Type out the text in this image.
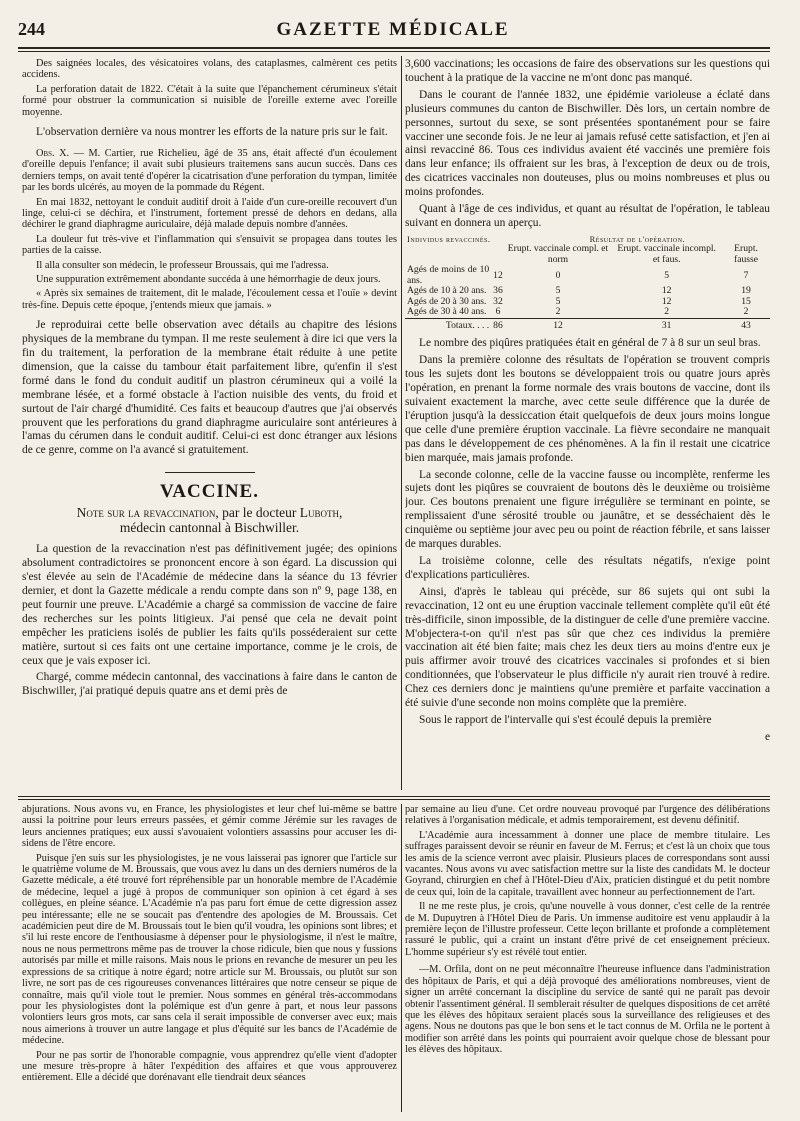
244	GAZETTE MÉDICALE

Des saignées locales, des vésicatoires volans, des cataplasmes, calmèrent ces petits accidens.

La perforation datait de 1822. C'était à la suite que l'épanchement cérumineux s'était formé pour obstruer la communication si nuisible de l'oreille externe avec l'oreille moyenne.

L'observation dernière va nous montrer les efforts de la nature pris sur le fait.

Obs. X. — M. Cartier, rue Richelieu, âgé de 35 ans, était affecté d'un écoulement d'oreille depuis l'enfance; il avait subi plusieurs traitemens sans aucun succès. Dans ces derniers temps, on avait tenté d'opérer la cicatrisation d'une perforation du tympan, limitée par les bords ulcérés, au moyen de la pommade du Régent.

En mai 1832, nettoyant le conduit auditif droit à l'aide d'un cure-oreille recouvert d'un linge, celui-ci se déchira, et l'instrument, fortement pressé de dehors en dedans, alla déchirer le grand diaphragme auriculaire, déjà malade depuis nombre d'années.

La douleur fut très-vive et l'inflammation qui s'ensuivit se propagea dans toutes les parties de la caisse.

Il alla consulter son médecin, le professeur Broussais, qui me l'adressa.

Une suppuration extrêmement abondante succéda à une hémorrhagie de deux jours.

« Après six semaines de traitement, dit le malade, l'écoulement cessa et l'ouïe » devint très-fine. Depuis cette époque, j'entends mieux que jamais. »

Je reproduirai cette belle observation avec détails au chapitre des lésions physiques de la membrane du tympan. Il me reste seulement à dire ici que vers la fin du traitement, la perforation de la membrane était réduite à une petite dimension, que la caisse du tambour était parfaitement libre, qu'enfin il s'est formé dans le fond du conduit auditif un plastron cérumineux qui a voilé la membrane lésée, et a formé obstacle à l'action nuisible des vents, du froid et surtout de l'air chargé d'humidité. Ces faits et beaucoup d'autres que j'ai observés prouvent que les perforations du grand diaphragme auriculaire sont antérieures à l'amas du cérumen dans le conduit auditif. Celui-ci est donc étranger aux lésions de ce genre, comme on l'a avancé si gratuitement.

VACCINE.
Note sur la revaccination, par le docteur Luboth,
médecin cantonnal à Bischwiller.

La question de la revaccination n'est pas définitivement jugée; des opinions absolument contradictoires se prononcent encore à son égard. La discussion qui s'est élevée au sein de l'Académie de médecine dans la séance du 13 février dernier, et dont la Gazette médicale a rendu compte dans son nº 9, page 138, en peut fournir une preuve. L'Académie a chargé sa commission de vaccine de faire des recherches sur les points litigieux. J'ai pensé que cela ne devait point empêcher les praticiens isolés de publier les faits qu'ils posséderaient sur cette matière, surtout si ces faits ont une certaine importance, comme je le crois, de ceux que je vais exposer ici.

Chargé, comme médecin cantonnal, des vaccinations à faire dans le canton de Bischwiller, j'ai pratiqué depuis quatre ans et demi près de

3,600 vaccinations; les occasions de faire des observations sur les questions qui touchent à la pratique de la vaccine ne m'ont donc pas manqué.

Dans le courant de l'année 1832, une épidémie varioleuse a éclaté dans plusieurs communes du canton de Bischwiller. Dès lors, un certain nombre de personnes, surtout du sexe, se sont présentées spontanément pour se faire vacciner une seconde fois. Je ne leur ai jamais refusé cette satisfaction, et j'en ai ainsi revacciné 86. Tous ces individus avaient été vaccinés une première fois dans leur enfance; ils offraient sur les bras, à l'exception de deux ou de trois, des cicatrices vaccinales non douteuses, plus ou moins nombreuses et plus ou moins profondes.

Quant à l'âge de ces individus, et quant au résultat de l'opération, le tableau suivant en donnera un aperçu.

Individus revaccinés.		Résultat de l'opération.		
		Erupt. vaccinale compl. et norm	Erupt. vaccinale incompl. et faus.	Erupt. fausse
Agés de moins de 10 ans.	12	0	5	7
Agés de 10 à 20 ans.	36	5	12	19
Agés de 20 à 30 ans.	32	5	12	15
Agés de 30 à 40 ans.	6	2	2	2
Totaux. . . .	86	12	31	43

Le nombre des piqûres pratiquées était en général de 7 à 8 sur un seul bras.

Dans la première colonne des résultats de l'opération se trouvent compris tous les sujets dont les boutons se développaient trois ou quatre jours après l'opération, en prenant la forme normale des vrais boutons de vaccine, dont ils suivaient exactement la marche, avec cette seule différence que la durée de l'éruption jusqu'à la dessiccation était quelquefois de deux jours moins longue que celle d'une première éruption vaccinale. La fièvre secondaire ne manquait pas dans le développement de ces phénomènes. A la fin il restait une cicatrice bien marquée, mais jamais profonde.

La seconde colonne, celle de la vaccine fausse ou incomplète, renferme les sujets dont les piqûres se couvraient de boutons dès le deuxième ou troisième jour. Ces boutons prenaient une figure irrégulière se terminant en pointe, se remplissaient d'une sérosité trouble ou jaunâtre, et se desséchaient dès le cinquième ou septième jour avec peu ou point de réaction fébrile, et sans laisser de marques durables.

La troisième colonne, celle des résultats négatifs, n'exige point d'explications particulières.

Ainsi, d'après le tableau qui précède, sur 86 sujets qui ont subi la revaccination, 12 ont eu une éruption vaccinale tellement complète qu'il eût été très-difficile, sinon impossible, de la distinguer de celle d'une première vaccine. M'objectera-t-on qu'il n'est pas sûr que chez ces individus la première vaccination ait été bien faite; mais chez les deux tiers au moins d'entre eux je puis affirmer avoir trouvé des cicatrices vaccinales si profondes et si bien conditionnées, que l'observateur le plus difficile n'y aurait rien trouvé à redire. Chez ces derniers donc je maintiens qu'une première et parfaite vaccination a été suivie d'une seconde non moins complète que la première.

Sous le rapport de l'intervalle qui s'est écoulé depuis la première

e

abjurations. Nous avons vu, en France, les physiologistes et leur chef lui-même se battre aussi la poitrine pour leurs erreurs passées, et gémir comme Jérémie sur les ravages de leurs anciennes pratiques; eux aussi s'avouaient volontiers assassins pour accuser les di-sidens de l'être encore.

Puisque j'en suis sur les physiologistes, je ne vous laisserai pas ignorer que l'article sur le quatrième volume de M. Broussais, que vous avez lu dans un des derniers numéros de la Gazette médicale, a été trouvé fort répréhensible par un honorable membre de l'Académie de médecine, lequel a jugé à propos de communiquer son opinion à cet égard à ses collègues, en pleine séance. L'Académie n'a pas paru fort émue de cette digression assez peu intéressante; elle ne se soucait pas d'entendre des apologies de M. Broussais. Cet académicien peut dire de M. Broussais tout le bien qu'il voudra, les opinions sont libres; et s'il lui reste encore de l'enthousiasme à dépenser pour le physiologisme, il n'est le maître, nous ne nous permettrons même pas de trouver la chose ridicule, bien que nous y fussions autorisés par mille et mille raisons. Mais nous le prions en revanche de mesurer un peu les expressions de sa critique à notre égard; notre article sur M. Broussais, ou plutôt sur son livre, ne sort pas de ces rigoureuses convenances littéraires que notre censeur se pique de connaître, mais qu'il viole tout le premier. Nous sommes en général très-accommodans pour les physiologistes dont la polémique est d'un genre à part, et nous leur passons volontiers leurs gros mots, car sans cela il serait impossible de converser avec eux; mais nous aimerions à trouver un autre langage et plus d'équité sur les bancs de l'Académie de médecine.

Pour ne pas sortir de l'honorable compagnie, vous apprendrez qu'elle vient d'adopter une mesure très-propre à hâter l'expédition des affaires et que vous approuverez entièrement. Elle a décidé que dorénavant elle tiendrait deux séances

par semaine au lieu d'une. Cet ordre nouveau provoqué par l'urgence des délibérations relatives à l'organisation médicale, et admis temporairement, est devenu définitif.

L'Académie aura incessamment à donner une place de membre titulaire. Les suffrages paraissent devoir se réunir en faveur de M. Ferrus; et c'est là un choix que tous les amis de la science verront avec plaisir. Plusieurs places de correspondans sont aussi vacantes. Nous avons vu avec satisfaction mettre sur la liste des candidats M. le docteur Goyrand, chirurgien en chef à l'Hôtel-Dieu d'Aix, praticien distingué et du petit nombre de ceux qui, loin de la capitale, travaillent avec honneur au perfectionnement de l'art.

Il ne me reste plus, je crois, qu'une nouvelle à vous donner, c'est celle de la rentrée de M. Dupuytren à l'Hôtel Dieu de Paris. Un immense auditoire est venu applaudir à la première leçon de l'illustre professeur. Cette leçon brillante et profonde a complètement rassuré le public, qui a craint un instant d'être privé de cet enseignement précieux. L'homme supérieur s'y est révélé tout entier.

—M. Orfila, dont on ne peut méconnaître l'heureuse influence dans l'administration des hôpitaux de Paris, et qui a déjà provoqué des améliorations nombreuses, vient de signer un arrêté concernant la discipline du service de santé qui ne paraît pas devoir obtenir l'assentiment général. Il semblerait résulter de quelques dispositions de cet arrêté que les élèves des hôpitaux seraient placés sous la surveillance des religieuses et des agens. Nous ne doutons pas que le bon sens et le tact connus de M. Orfila ne le portent à modifier son arrêté dans les points qui pourraient avoir quelque chose de blessant pour les élèves des hôpitaux.
